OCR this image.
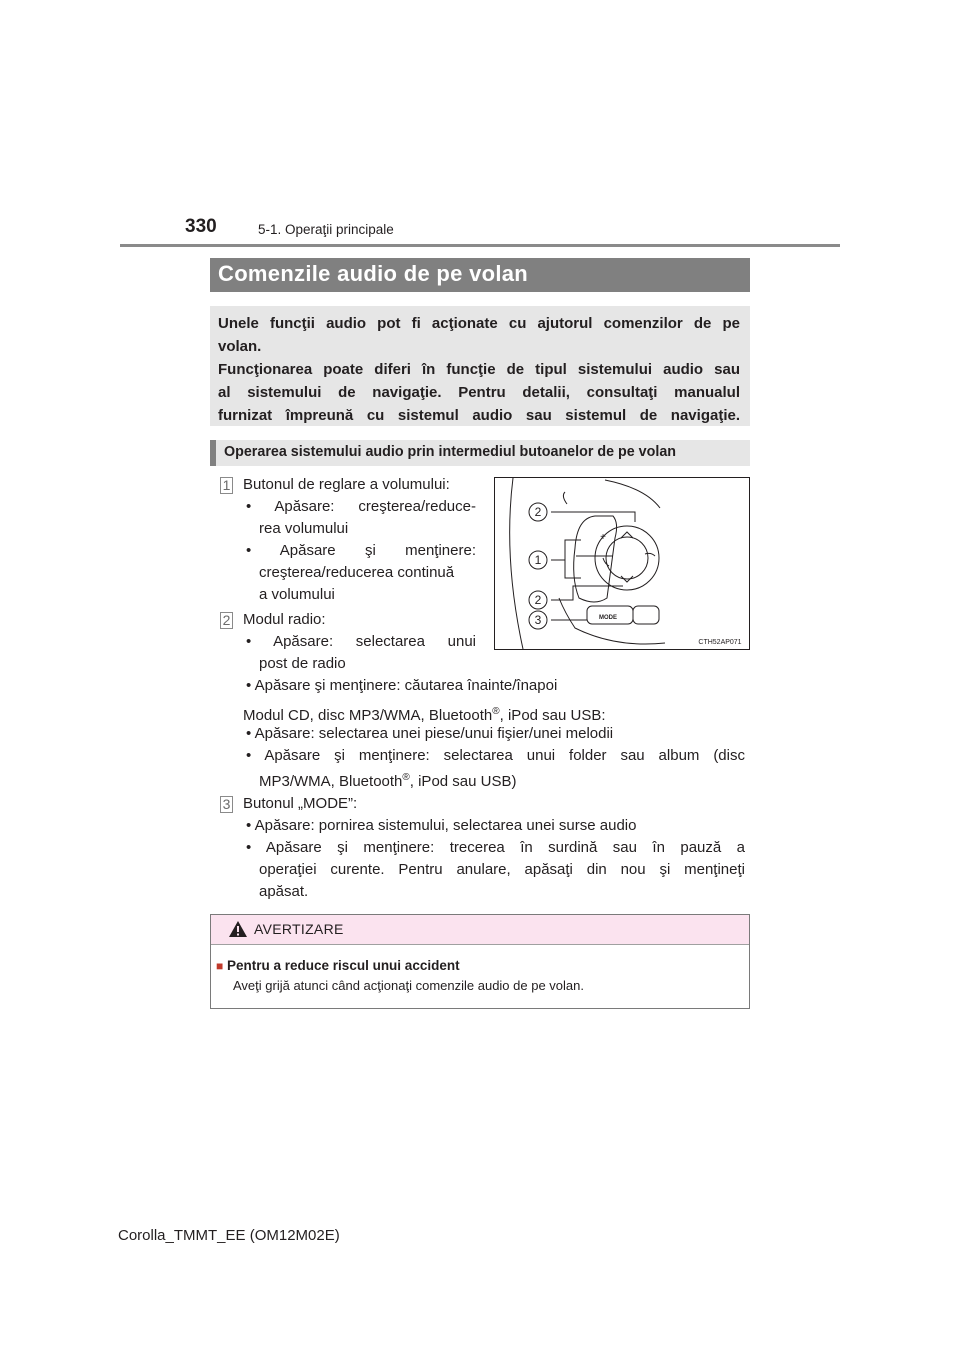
330	5-1. Operaţii principale
Comenzile audio de pe volan

Unele funcţii audio pot fi acţionate cu ajutorul comenzilor de pe

volan.

Funcţionarea poate diferi în funcţie de tipul sistemului audio sau

al sistemului de navigaţie. Pentru detalii, consultaţi manualul

furnizat împreună cu sistemul audio sau sistemul de navigaţie.

Operarea sistemului audio prin intermediul butoanelor de pe volan
1 Butonul de reglare a volumului:
• Apăsare: creşterea/reduce-
rea volumului
• Apăsare şi menţinere:
creşterea/reducerea continuă
a volumului
2 Modul radio:
• Apăsare: selectarea unui
post de radio
• Apăsare şi menţinere: căutarea înainte/înapoi
Modul CD, disc MP3/WMA, Bluetooth®, iPod sau USB:
• Apăsare: selectarea unei piese/unui fişier/unei melodii
• Apăsare şi menţinere: selectarea unui folder sau album (disc
MP3/WMA, Bluetooth®, iPod sau USB)
3 Butonul „MODE”:
• Apăsare: pornirea sistemului, selectarea unei surse audio
• Apăsare şi menţinere: trecerea în surdină sau în pauză a
operaţiei curente. Pentru anulare, apăsaţi din nou şi menţineţi
apăsat.
2
1
2
3
+
MODE
CTH52AP071
AVERTIZARE
■ Pentru a reduce riscul unui accident
Aveţi grijă atunci când acţionaţi comenzile audio de pe volan.
Corolla_TMMT_EE (OM12M02E)
